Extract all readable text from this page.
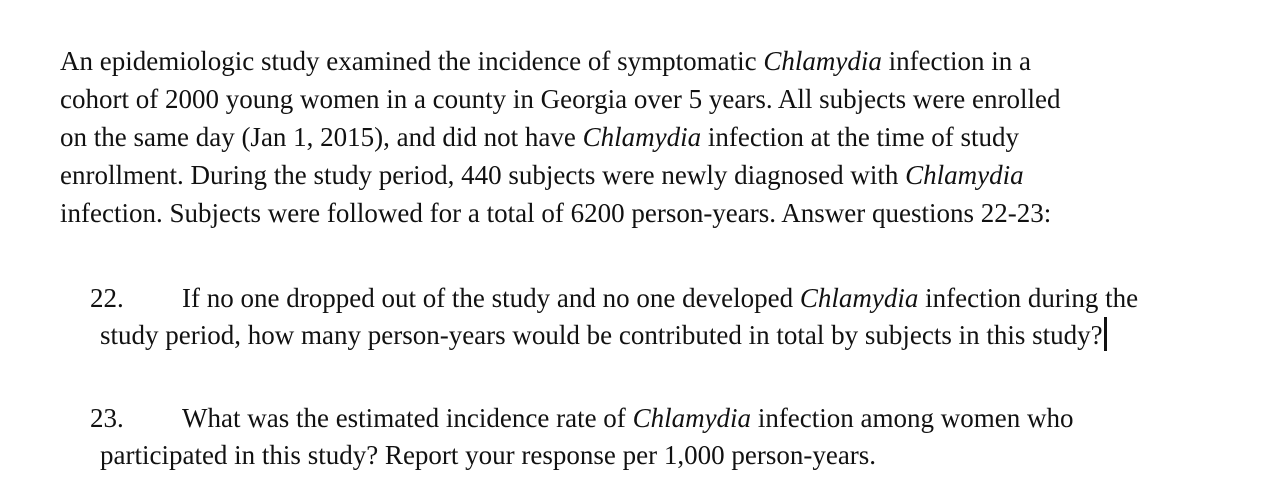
An epidemiologic study examined the incidence of symptomatic Chlamydia infection in a
cohort of 2000 young women in a county in Georgia over 5 years. All subjects were enrolled
on the same day (Jan 1, 2015), and did not have Chlamydia infection at the time of study
enrollment. During the study period, 440 subjects were newly diagnosed with Chlamydia
infection. Subjects were followed for a total of 6200 person-years. Answer questions 22-23:

22. If no one dropped out of the study and no one developed Chlamydia infection during the
study period, how many person-years would be contributed in total by subjects in this study?
23. What was the estimated incidence rate of Chlamydia infection among women who
participated in this study? Report your response per 1,000 person-years.
